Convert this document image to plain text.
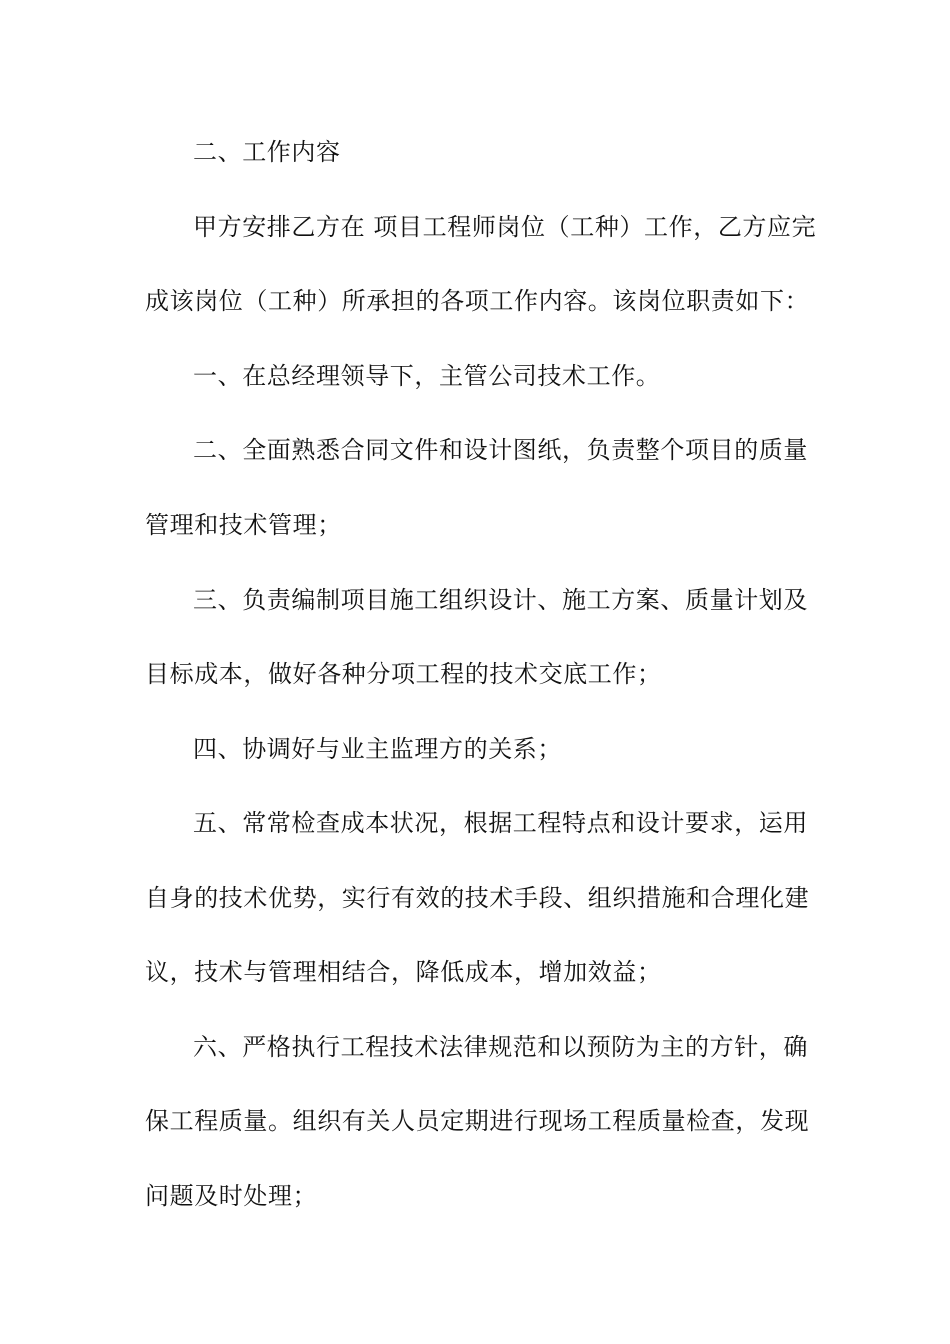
二、工作内容
甲方安排乙方在 项目工程师岗位（工种）工作，乙方应完
成该岗位（工种）所承担的各项工作内容。该岗位职责如下：
一、在总经理领导下，主管公司技术工作。
二、全面熟悉合同文件和设计图纸，负责整个项目的质量
管理和技术管理；
三、负责编制项目施工组织设计、施工方案、质量计划及
目标成本，做好各种分项工程的技术交底工作；
四、协调好与业主监理方的关系；
五、常常检查成本状况，根据工程特点和设计要求，运用
自身的技术优势，实行有效的技术手段、组织措施和合理化建
议，技术与管理相结合，降低成本，增加效益；
六、严格执行工程技术法律规范和以预防为主的方针，确
保工程质量。组织有关人员定期进行现场工程质量检查，发现
问题及时处理；
